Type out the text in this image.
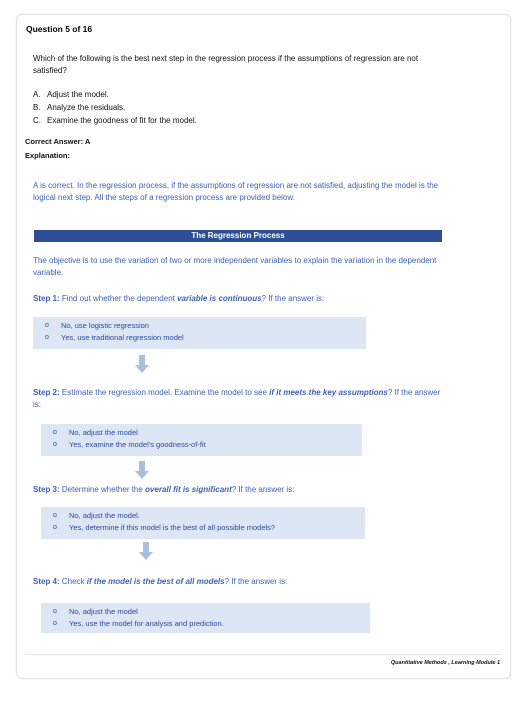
Question 5 of 16
Which of the following is the best next step in the regression process if the assumptions of regression are not satisfied?
A. Adjust the model.
B. Analyze the residuals.
C. Examine the goodness of fit for the model.
Correct Answer: A
Explanation:
A is correct. In the regression process, if the assumptions of regression are not satisfied, adjusting the model is the logical next step. All the steps of a regression process are provided below.
The Regression Process
The objective is to use the variation of two or more independent variables to explain the variation in the dependent variable.
Step 1: Find out whether the dependent variable is continuous? If the answer is:
o	No, use logistic regression
o	Yes, use traditional regression model
Step 2: Estimate the regression model. Examine the model to see if it meets the key assumptions? If the answer is:
o	No, adjust the model
o	Yes, examine the model's goodness-of-fit
Step 3: Determine whether the overall fit is significant? If the answer is:
o	No, adjust the model.
o	Yes, determine if this model is the best of all possible models?
Step 4: Check if the model is the best of all models? If the answer is:
o	No, adjust the model
o	Yes, use the model for analysis and prediction.
Quantitative Methods , Learning Module 1
